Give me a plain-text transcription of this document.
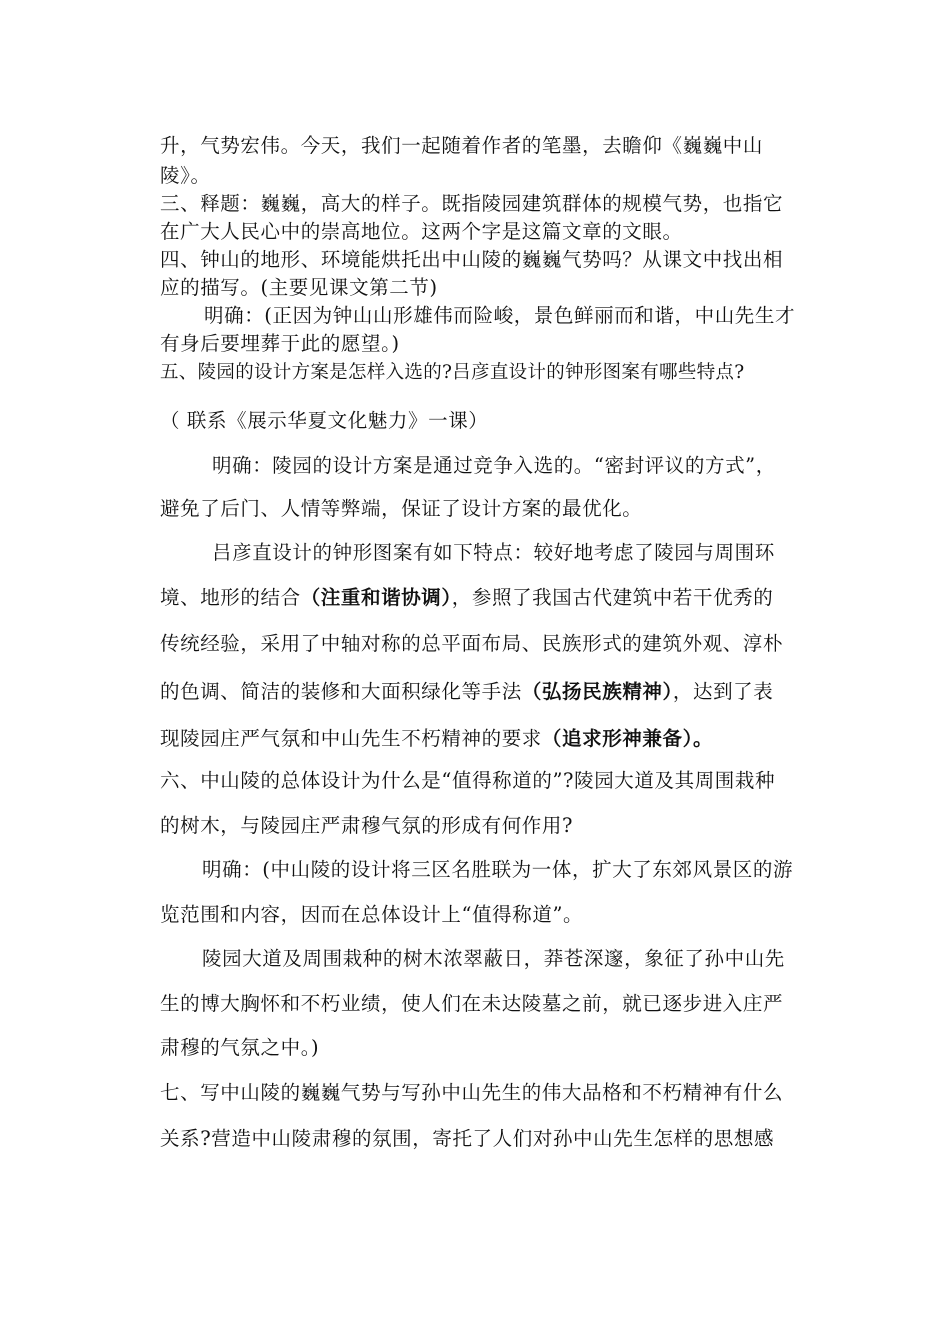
升，气势宏伟。今天，我们一起随着作者的笔墨，去瞻仰《巍巍中山

陵》。

三、释题：巍巍，高大的样子。既指陵园建筑群体的规模气势，也指它

在广大人民心中的崇高地位。这两个字是这篇文章的文眼。

四、钟山的地形、环境能烘托出中山陵的巍巍气势吗？从课文中找出相

应的描写。(主要见课文第二节)

明确：(正因为钟山山形雄伟而险峻，景色鲜丽而和谐，中山先生才

有身后要埋葬于此的愿望。)

五、陵园的设计方案是怎样入选的?吕彦直设计的钟形图案有哪些特点?

（ 联系《展示华夏文化魅力》一课）

明确：陵园的设计方案是通过竞争入选的。“密封评议的方式”，

避免了后门、人情等弊端，保证了设计方案的最优化。

吕彦直设计的钟形图案有如下特点：较好地考虑了陵园与周围环

境、地形的结合（注重和谐协调），参照了我国古代建筑中若干优秀的

传统经验，采用了中轴对称的总平面布局、民族形式的建筑外观、淳朴

的色调、简洁的装修和大面积绿化等手法（弘扬民族精神），达到了表

现陵园庄严气氛和中山先生不朽精神的要求（追求形神兼备）。

六、中山陵的总体设计为什么是“值得称道的”?陵园大道及其周围栽种

的树木，与陵园庄严肃穆气氛的形成有何作用?

明确：(中山陵的设计将三区名胜联为一体，扩大了东郊风景区的游

览范围和内容，因而在总体设计上“值得称道”。

陵园大道及周围栽种的树木浓翠蔽日，莽苍深邃，象征了孙中山先

生的博大胸怀和不朽业绩，使人们在未达陵墓之前，就已逐步进入庄严

肃穆的气氛之中。)

七、写中山陵的巍巍气势与写孙中山先生的伟大品格和不朽精神有什么

关系?营造中山陵肃穆的氛围，寄托了人们对孙中山先生怎样的思想感
